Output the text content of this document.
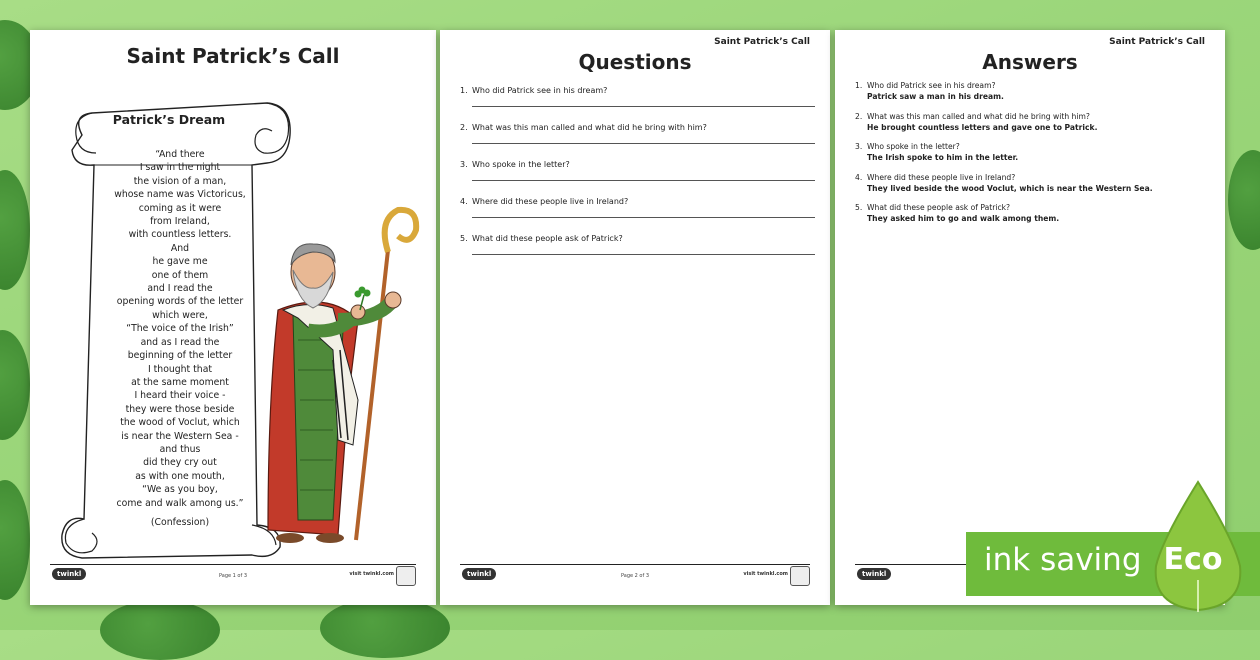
Saint Patrick’s Call
Patrick’s Dream
“And there
I saw in the night
the vision of a man,
whose name was Victoricus,
coming as it were
from Ireland,
with countless letters.
And
he gave me
one of them
and I read the
opening words of the letter
which were,
“The voice of the Irish”
and as I read the
beginning of the letter
I thought that
at the same moment
I heard their voice -
they were those beside
the wood of Voclut, which
is near the Western Sea -
and thus
did they cry out
as with one mouth,
“We as you boy,
come and walk among us.”
(Confession)
twinkl	Page 1 of 3	visit twinkl.com
Saint Patrick’s Call
Questions
1. Who did Patrick see in his dream?
2. What was this man called and what did he bring with him?
3. Who spoke in the letter?
4. Where did these people live in Ireland?
5. What did these people ask of Patrick?
twinkl	Page 2 of 3	visit twinkl.com
Saint Patrick’s Call
Answers
1. Who did Patrick see in his dream?
Patrick saw a man in his dream.
2. What was this man called and what did he bring with him?
He brought countless letters and gave one to Patrick.
3. Who spoke in the letter?
The Irish spoke to him in the letter.
4. Where did these people live in Ireland?
They lived beside the wood Voclut, which is near the Western Sea.
5. What did these people ask of Patrick?
They asked him to go and walk among them.
twinkl	ink saving Eco
